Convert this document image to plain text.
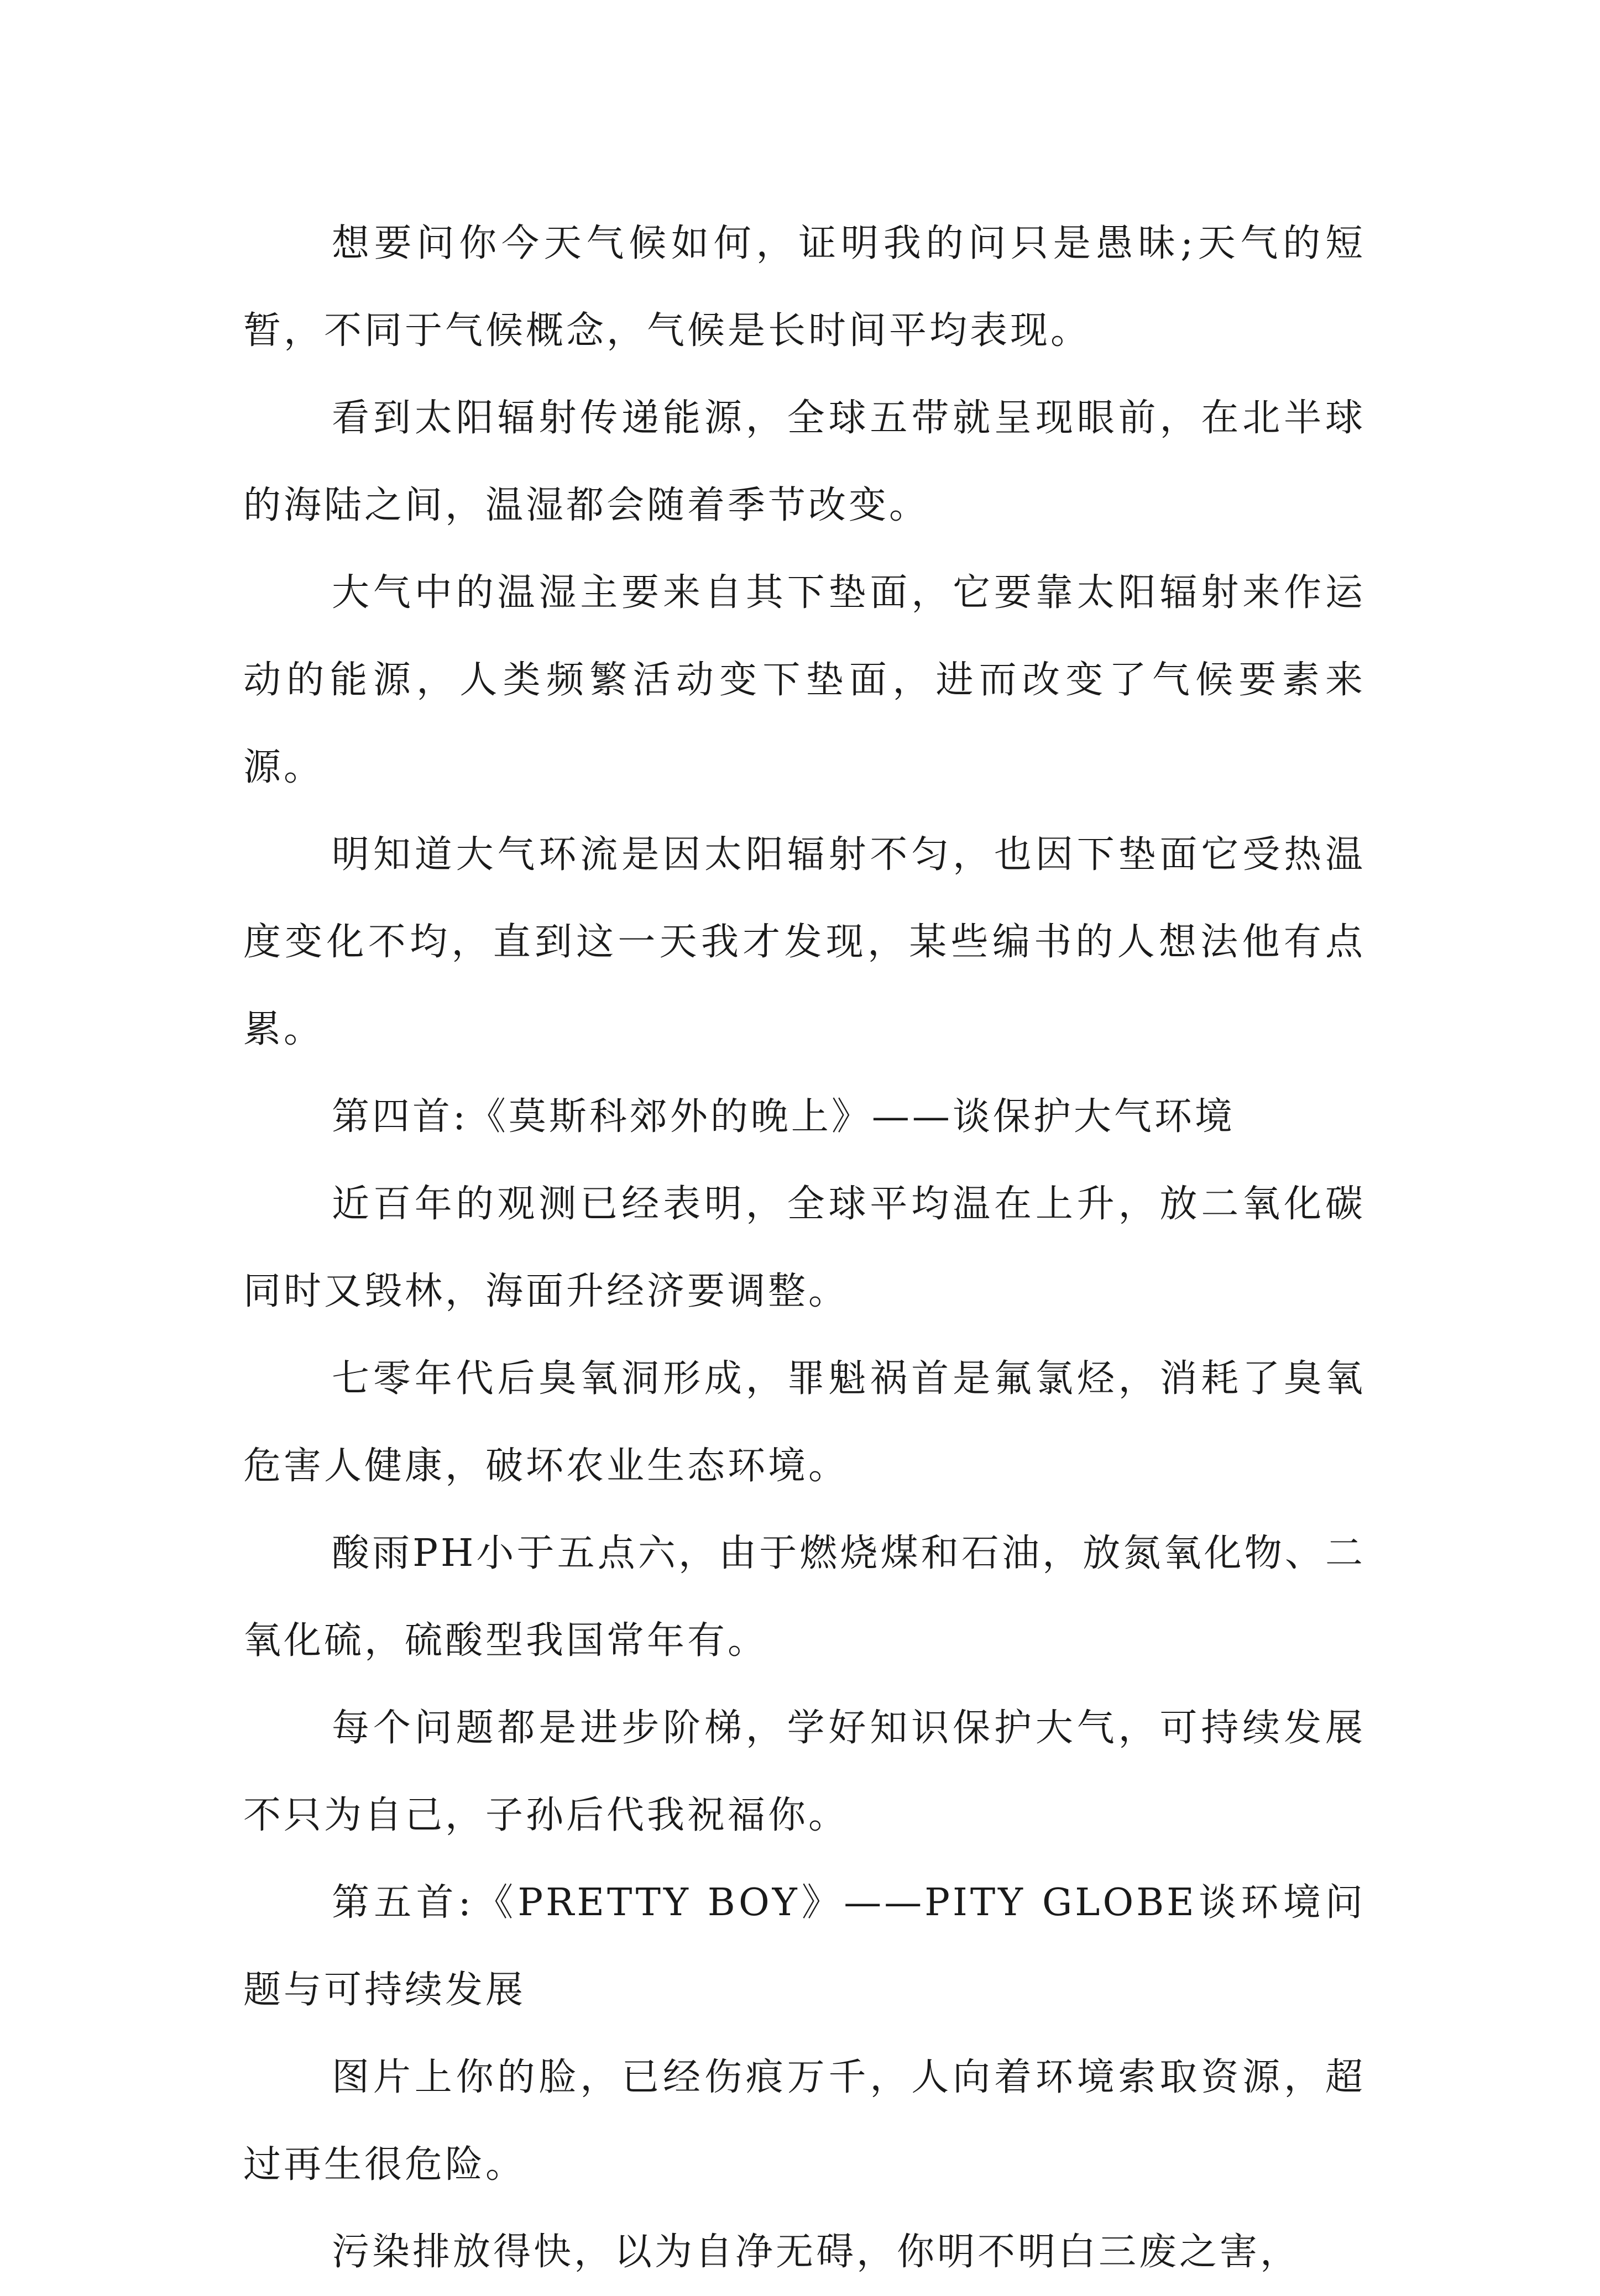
想要问你今天气候如何，证明我的问只是愚昧;天气的短暂，不同于气候概念，气候是长时间平均表现。

看到太阳辐射传递能源，全球五带就呈现眼前，在北半球的海陆之间，温湿都会随着季节改变。

大气中的温湿主要来自其下垫面，它要靠太阳辐射来作运动的能源，人类频繁活动变下垫面，进而改变了气候要素来源。

明知道大气环流是因太阳辐射不匀，也因下垫面它受热温度变化不均，直到这一天我才发现，某些编书的人想法他有点累。

第四首:《莫斯科郊外的晚上》——谈保护大气环境

近百年的观测已经表明，全球平均温在上升，放二氧化碳同时又毁林，海面升经济要调整。

七零年代后臭氧洞形成，罪魁祸首是氟氯烃，消耗了臭氧危害人健康，破坏农业生态环境。

酸雨PH小于五点六，由于燃烧煤和石油，放氮氧化物、二氧化硫，硫酸型我国常年有。

每个问题都是进步阶梯，学好知识保护大气，可持续发展不只为自己，子孙后代我祝福你。

第五首:《PRETTY BOY》——PITY GLOBE谈环境问题与可持续发展

图片上你的脸，已经伤痕万千，人向着环境索取资源，超过再生很危险。

污染排放得快，以为自净无碍，你明不明白三废之害，
